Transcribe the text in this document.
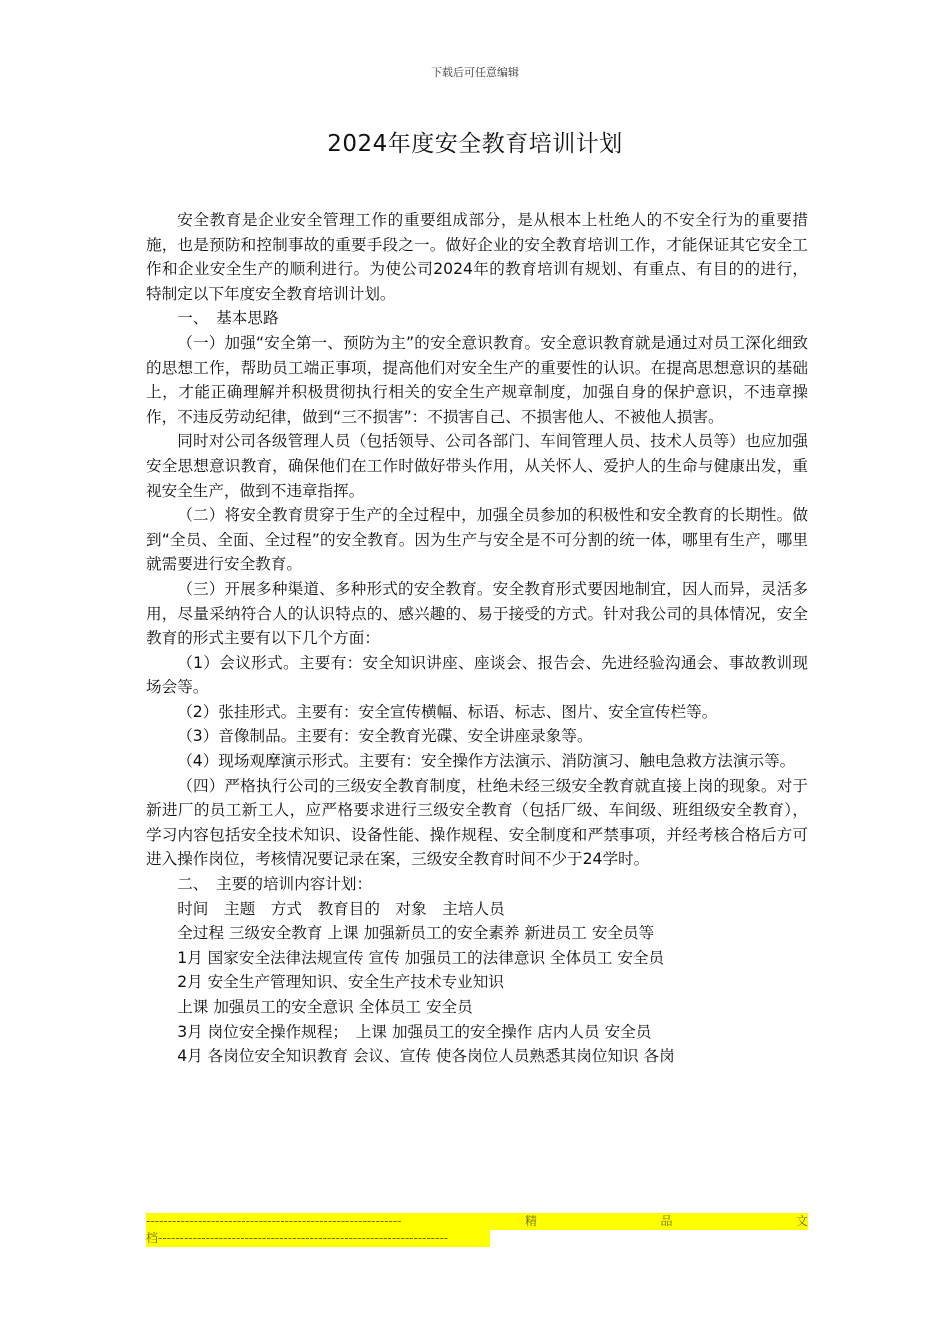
下载后可任意编辑
2024年度安全教育培训计划

安全教育是企业安全管理工作的重要组成部分，是从根本上杜绝人的不安全行为的重要措施，也是预防和控制事故的重要手段之一。做好企业的安全教育培训工作，才能保证其它安全工作和企业安全生产的顺利进行。为使公司2024年的教育培训有规划、有重点、有目的的进行，特制定以下年度安全教育培训计划。

一、　基本思路

（一）加强“安全第一、预防为主”的安全意识教育。安全意识教育就是通过对员工深化细致的思想工作，帮助员工端正事项，提高他们对安全生产的重要性的认识。在提高思想意识的基础上，才能正确理解并积极贯彻执行相关的安全生产规章制度，加强自身的保护意识，不违章操作，不违反劳动纪律，做到“三不损害”：不损害自己、不损害他人、不被他人损害。

同时对公司各级管理人员（包括领导、公司各部门、车间管理人员、技术人员等）也应加强安全思想意识教育，确保他们在工作时做好带头作用，从关怀人、爱护人的生命与健康出发，重视安全生产，做到不违章指挥。

（二）将安全教育贯穿于生产的全过程中，加强全员参加的积极性和安全教育的长期性。做到“全员、全面、全过程”的安全教育。因为生产与安全是不可分割的统一体，哪里有生产，哪里就需要进行安全教育。

（三）开展多种渠道、多种形式的安全教育。安全教育形式要因地制宜，因人而异，灵活多用，尽量采纳符合人的认识特点的、感兴趣的、易于接受的方式。针对我公司的具体情况，安全教育的形式主要有以下几个方面：

（1）会议形式。主要有：安全知识讲座、座谈会、报告会、先进经验沟通会、事故教训现场会等。

（2）张挂形式。主要有：安全宣传横幅、标语、标志、图片、安全宣传栏等。

（3）音像制品。主要有：安全教育光碟、安全讲座录象等。

（4）现场观摩演示形式。主要有：安全操作方法演示、消防演习、触电急救方法演示等。

（四）严格执行公司的三级安全教育制度，杜绝未经三级安全教育就直接上岗的现象。对于新进厂的员工新工人，应严格要求进行三级安全教育（包括厂级、车间级、班组级安全教育），学习内容包括安全技术知识、设备性能、操作规程、安全制度和严禁事项，并经考核合格后方可进入操作岗位，考核情况要记录在案，三级安全教育时间不少于24学时。

二、　主要的培训内容计划：

时间　主题　方式　教育目的　对象　主培人员

全过程 三级安全教育 上课 加强新员工的安全素养 新进员工 安全员等

1月 国家安全法律法规宣传 宣传 加强员工的法律意识 全体员工 安全员

2月 安全生产管理知识、安全生产技术专业知识

上课 加强员工的安全意识 全体员工 安全员

3月 岗位安全操作规程；　上课 加强员工的安全操作 店内人员 安全员

4月 各岗位安全知识教育 会议、宣传 使各岗位人员熟悉其岗位知识 各岗

-----------------------------------------------------------	精	品	文
档-------------------------------------------------------------------
